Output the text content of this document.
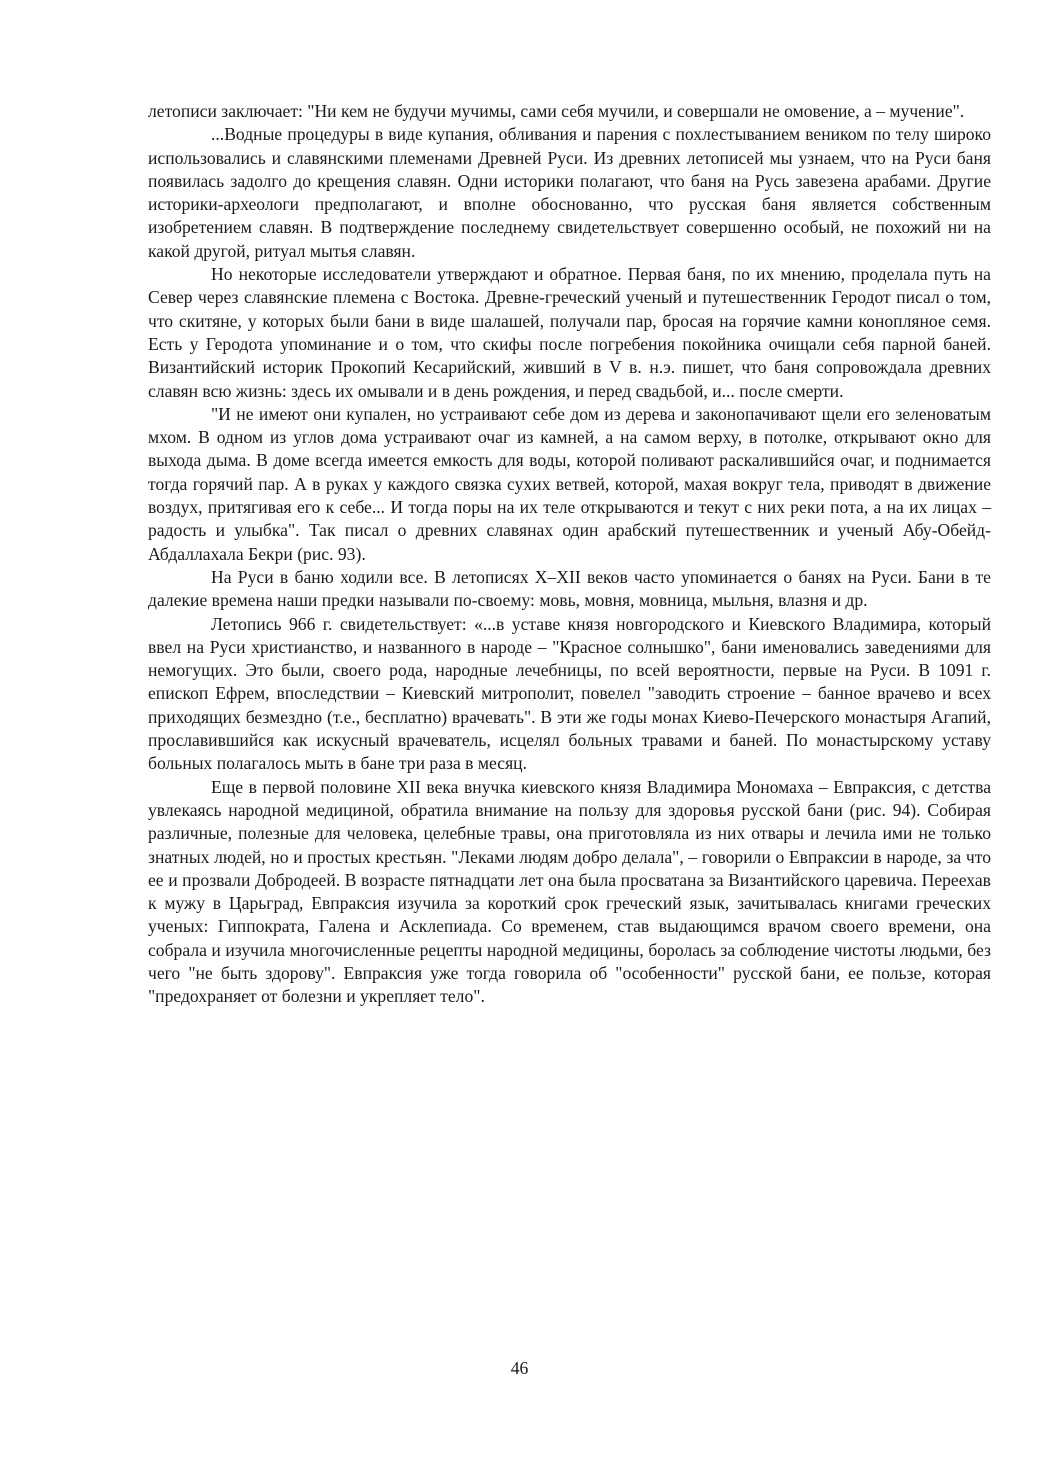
летописи заключает: "Ни кем не будучи мучимы, сами себя мучили, и совершали не омовение, а – мучение".

...Водные процедуры в виде купания, обливания и парения с похлестыванием веником по телу широко использовались и славянскими племенами Древней Руси. Из древних летописей мы узнаем, что на Руси баня появилась задолго до крещения славян. Одни историки полагают, что баня на Русь завезена арабами. Другие историки-археологи предполагают, и вполне обоснованно, что русская баня является собственным изобретением славян. В подтверждение последнему свидетельствует совершенно особый, не похожий ни на какой другой, ритуал мытья славян.

Но некоторые исследователи утверждают и обратное. Первая баня, по их мнению, проделала путь на Север через славянские племена с Востока. Древне-греческий ученый и путешественник Геродот писал о том, что скитяне, у которых были бани в виде шалашей, получали пар, бросая на горячие камни конопляное семя. Есть у Геродота упоминание и о том, что скифы после погребения покойника очищали себя парной баней. Византийский историк Прокопий Кесарийский, живший в V в. н.э. пишет, что баня сопровождала древних славян всю жизнь: здесь их омывали и в день рождения, и перед свадьбой, и... после смерти.

"И не имеют они купален, но устраивают себе дом из дерева и законопачивают щели его зеленоватым мхом. В одном из углов дома устраивают очаг из камней, а на самом верху, в потолке, открывают окно для выхода дыма. В доме всегда имеется емкость для воды, которой поливают раскалившийся очаг, и поднимается тогда горячий пар. А в руках у каждого связка сухих ветвей, которой, махая вокруг тела, приводят в движение воздух, притягивая его к себе... И тогда поры на их теле открываются и текут с них реки пота, а на их лицах – радость и улыбка". Так писал о древних славянах один арабский путешественник и ученый Абу-Обейд-Абдаллахала Бекри (рис. 93).

На Руси в баню ходили все. В летописях X–XII веков часто упоминается о банях на Руси. Бани в те далекие времена наши предки называли по-своему: мовь, мовня, мовница, мыльня, влазня и др.

Летопись 966 г. свидетельствует: «...в уставе князя новгородского и Киевского Владимира, который ввел на Руси христианство, и названного в народе – "Красное солнышко", бани именовались заведениями для немогущих. Это были, своего рода, народные лечебницы, по всей вероятности, первые на Руси. В 1091 г. епископ Ефрем, впоследствии – Киевский митрополит, повелел "заводить строение – банное врачево и всех приходящих безмездно (т.е., бесплатно) врачевать". В эти же годы монах Киево-Печерского монастыря Агапий, прославившийся как искусный врачеватель, исцелял больных травами и баней. По монастырскому уставу больных полагалось мыть в бане три раза в месяц.

Еще в первой половине XII века внучка киевского князя Владимира Мономаха – Евпраксия, с детства увлекаясь народной медициной, обратила внимание на пользу для здоровья русской бани (рис. 94). Собирая различные, полезные для человека, целебные травы, она приготовляла из них отвары и лечила ими не только знатных людей, но и простых крестьян. "Леками людям добро делала", – говорили о Евпраксии в народе, за что ее и прозвали Добродеей. В возрасте пятнадцати лет она была просватана за Византийского царевича. Переехав к мужу в Царьград, Евпраксия изучила за короткий срок греческий язык, зачитывалась книгами греческих ученых: Гиппократа, Галена и Асклепиада. Со временем, став выдающимся врачом своего времени, она собрала и изучила многочисленные рецепты народной медицины, боролась за соблюдение чистоты людьми, без чего "не быть здорову". Евпраксия уже тогда говорила об "особенности" русской бани, ее пользе, которая "предохраняет от болезни и укрепляет тело".

46
